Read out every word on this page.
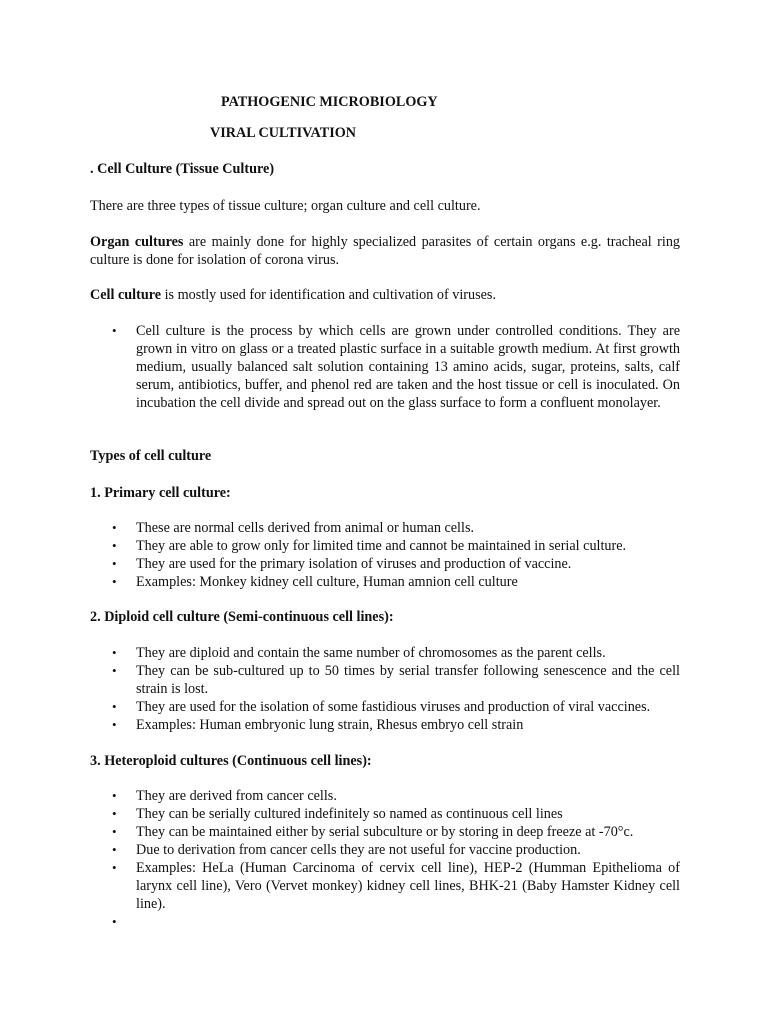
PATHOGENIC MICROBIOLOGY

VIRAL CULTIVATION

. Cell Culture (Tissue Culture)

There are three types of tissue culture; organ culture and cell culture.

Organ cultures are mainly done for highly specialized parasites of certain organs e.g. tracheal ring culture is done for isolation of corona virus.

Cell culture is mostly used for identification and cultivation of viruses.

• Cell culture is the process by which cells are grown under controlled conditions. They are grown in vitro on glass or a treated plastic surface in a suitable growth medium. At first growth medium, usually balanced salt solution containing 13 amino acids, sugar, proteins, salts, calf serum, antibiotics, buffer, and phenol red are taken and the host tissue or cell is inoculated. On incubation the cell divide and spread out on the glass surface to form a confluent monolayer.

Types of cell culture

1. Primary cell culture:

• These are normal cells derived from animal or human cells.
• They are able to grow only for limited time and cannot be maintained in serial culture.
• They are used for the primary isolation of viruses and production of vaccine.
• Examples: Monkey kidney cell culture, Human amnion cell culture

2. Diploid cell culture (Semi-continuous cell lines):

• They are diploid and contain the same number of chromosomes as the parent cells.
• They can be sub-cultured up to 50 times by serial transfer following senescence and the cell strain is lost.
• They are used for the isolation of some fastidious viruses and production of viral vaccines.
• Examples: Human embryonic lung strain, Rhesus embryo cell strain

3. Heteroploid cultures (Continuous cell lines):

• They are derived from cancer cells.
• They can be serially cultured indefinitely so named as continuous cell lines
• They can be maintained either by serial subculture or by storing in deep freeze at -70°c.
• Due to derivation from cancer cells they are not useful for vaccine production.
• Examples: HeLa (Human Carcinoma of cervix cell line), HEP-2 (Humman Epithelioma of larynx cell line), Vero (Vervet monkey) kidney cell lines, BHK-21 (Baby Hamster Kidney cell line).
•
